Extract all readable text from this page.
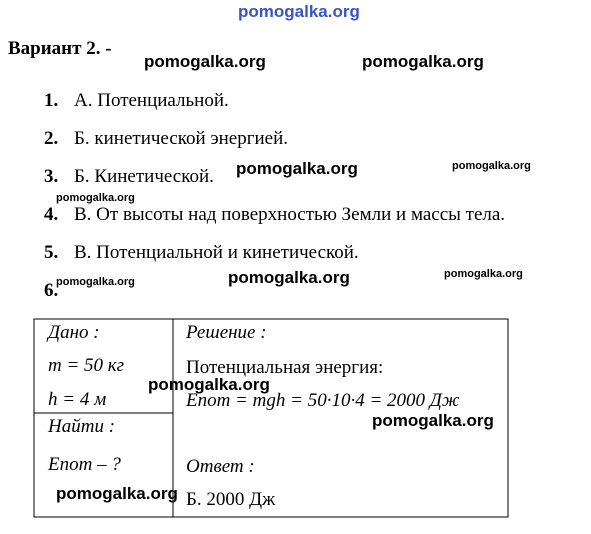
pomogalka.org
Вариант 2. -
1. А. Потенциальной.
2. Б. кинетической энергией.
3. Б. Кинетической.
4. В. От высоты над поверхностью Земли и массы тела.
5. В. Потенциальной и кинетической.
6.
Дано :
m = 50 кг
h = 4 м
Найти :
Eпот – ?
Решение :
Потенциальная энергия:
Eпот = mgh = 50·10·4 = 2000 Дж
Ответ :
Б. 2000 Дж
pomogalka.org	pomogalka.org
pomogalka.org	pomogalka.org
pomogalka.org
pomogalka.org	pomogalka.org
pomogalka.org
pomogalka.org
pomogalka.org
pomogalka.org
